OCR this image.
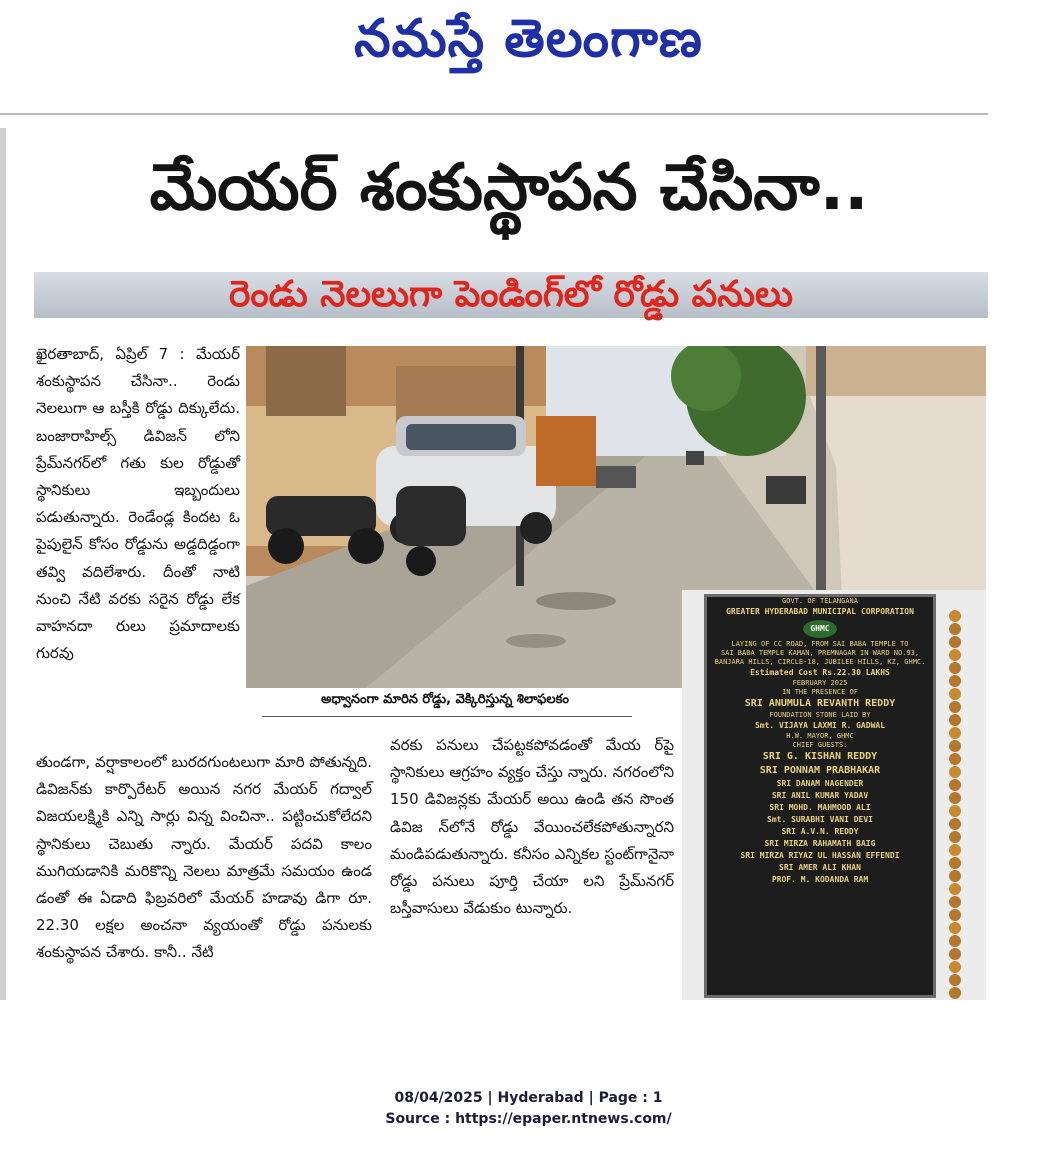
నమస్తే తెలంగాణ
మేయర్ శంకుస్థాపన చేసినా..
రెండు నెలలుగా పెండింగ్‌లో రోడ్డు పనులు
ఖైరతాబాద్, ఏప్రిల్ 7 : మేయర్ శంకుస్థాపన చేసినా.. రెండు నెలలుగా ఆ బస్తీకి రోడ్డు దిక్కులేదు. బంజారాహిల్స్ డివిజన్ లోని ప్రేమ్‌నగర్‌లో గతు కుల రోడ్డుతో స్థానికులు ఇబ్బందులు పడుతున్నారు. రెండేండ్ల కిందట ఓ పైపులైన్ కోసం రోడ్డును అడ్డదిడ్డంగా తవ్వి వదిలేశారు. దీంతో నాటి నుంచి నేటి వరకు సరైన రోడ్డు లేక వాహనదా రులు ప్రమాదాలకు గురవు
అధ్వానంగా మారిన రోడ్డు, వెక్కిరిస్తున్న శిలాఫలకం
GOVT. OF TELANGANA
GREATER HYDERABAD MUNICIPAL CORPORATION
GHMC
LAYING OF CC ROAD, FROM SAI BABA TEMPLE TO
SAI BABA TEMPLE KAMAN, PREMNAGAR IN WARD NO.93,
BANJARA HILLS, CIRCLE-18, JUBILEE HILLS, KZ, GHMC.
Estimated Cost Rs.22.30 LAKHS
FEBRUARY 2025
IN THE PRESENCE OF
SRI ANUMULA REVANTH REDDY
FOUNDATION STONE LAID BY
Smt. VIJAYA LAXMI R. GADWAL
H.W. MAYOR, GHMC
CHIEF GUESTS:
SRI G. KISHAN REDDY
SRI PONNAM PRABHAKAR
SRI DANAM NAGENDER
SRI ANIL KUMAR YADAV
SRI MOHD. MAHMOOD ALI
Smt. SURABHI VANI DEVI
SRI A.V.N. REDDY
SRI MIRZA RAHAMATH BAIG
SRI MIRZA RIYAZ UL HASSAN EFFENDI
SRI AMER ALI KHAN
PROF. M. KODANDA RAM
తుండగా, వర్షాకాలంలో బురదగుంటలుగా మారి పోతున్నది. డివిజన్‌కు కార్పొరేటర్ అయిన నగర మేయర్ గద్వాల్ విజయలక్ష్మికి ఎన్ని సార్లు విన్న వించినా.. పట్టించుకోలేదని స్థానికులు చెబుతు న్నారు. మేయర్ పదవి కాలం ముగియడానికి మరికొన్ని నెలలు మాత్రమే సమయం ఉండ డంతో ఈ ఏడాది ఫిబ్రవరిలో మేయర్ హడావు డిగా రూ. 22.30 లక్షల అంచనా వ్యయంతో రోడ్డు పనులకు శంకుస్థాపన చేశారు. కానీ.. నేటి
వరకు పనులు చేపట్టకపోవడంతో మేయ ర్‌పై స్థానికులు ఆగ్రహం వ్యక్తం చేస్తు న్నారు. నగరంలోని 150 డివిజన్లకు మేయర్ అయి ఉండి తన సొంత డివిజ న్‌లోనే రోడ్డు వేయించలేకపోతున్నారని మండిపడుతున్నారు. కనీసం ఎన్నికల స్టంట్‌గానైనా రోడ్డు పనులు పూర్తి చేయా లని ప్రేమ్‌నగర్ బస్తీవాసులు వేడుకుం టున్నారు.
08/04/2025 | Hyderabad | Page : 1
Source : https://epaper.ntnews.com/
